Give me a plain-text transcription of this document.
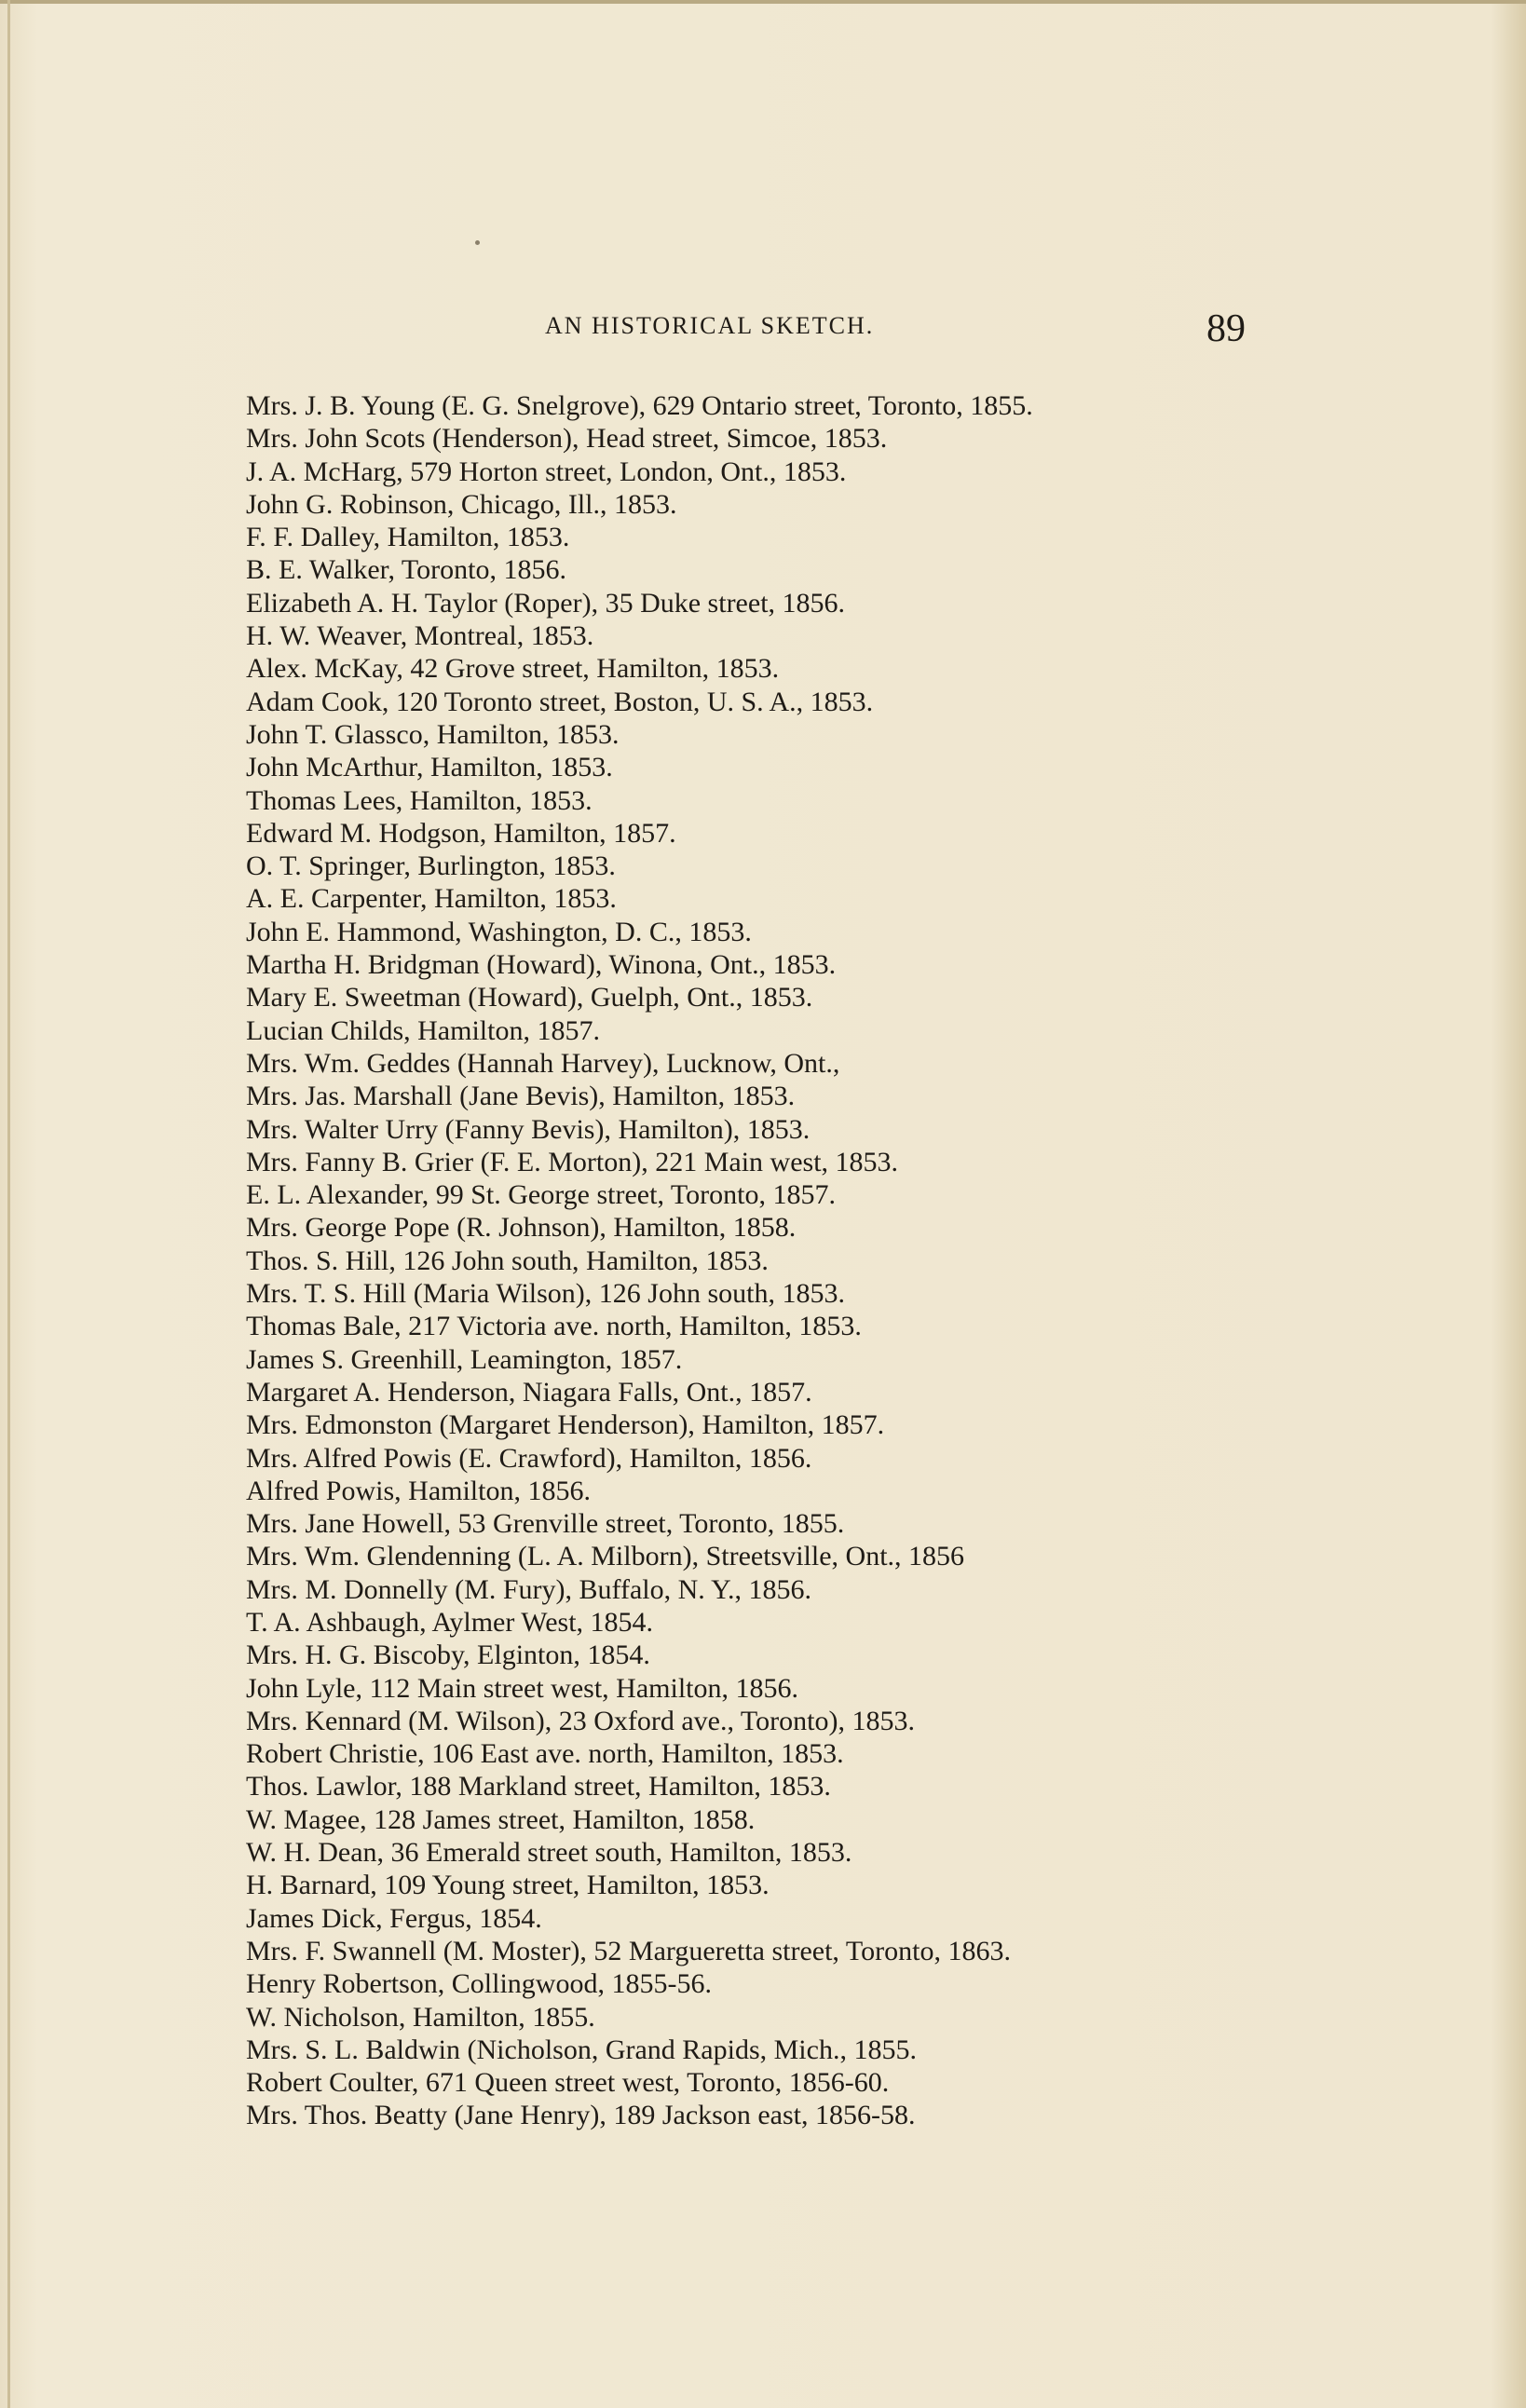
AN HISTORICAL SKETCH.	89
Mrs. J. B. Young (E. G. Snelgrove), 629 Ontario street, Toronto, 1855.
Mrs. John Scots (Henderson), Head street, Simcoe, 1853.
J. A. McHarg, 579 Horton street, London, Ont., 1853.
John G. Robinson, Chicago, Ill., 1853.
F. F. Dalley, Hamilton, 1853.
B. E. Walker, Toronto, 1856.
Elizabeth A. H. Taylor (Roper), 35 Duke street, 1856.
H. W. Weaver, Montreal, 1853.
Alex. McKay, 42 Grove street, Hamilton, 1853.
Adam Cook, 120 Toronto street, Boston, U. S. A., 1853.
John T. Glassco, Hamilton, 1853.
John McArthur, Hamilton, 1853.
Thomas Lees, Hamilton, 1853.
Edward M. Hodgson, Hamilton, 1857.
O. T. Springer, Burlington, 1853.
A. E. Carpenter, Hamilton, 1853.
John E. Hammond, Washington, D. C., 1853.
Martha H. Bridgman (Howard), Winona, Ont., 1853.
Mary E. Sweetman (Howard), Guelph, Ont., 1853.
Lucian Childs, Hamilton, 1857.
Mrs. Wm. Geddes (Hannah Harvey), Lucknow, Ont.,
Mrs. Jas. Marshall (Jane Bevis), Hamilton, 1853.
Mrs. Walter Urry (Fanny Bevis), Hamilton), 1853.
Mrs. Fanny B. Grier (F. E. Morton), 221 Main west, 1853.
E. L. Alexander, 99 St. George street, Toronto, 1857.
Mrs. George Pope (R. Johnson), Hamilton, 1858.
Thos. S. Hill, 126 John south, Hamilton, 1853.
Mrs. T. S. Hill (Maria Wilson), 126 John south, 1853.
Thomas Bale, 217 Victoria ave. north, Hamilton, 1853.
James S. Greenhill, Leamington, 1857.
Margaret A. Henderson, Niagara Falls, Ont., 1857.
Mrs. Edmonston (Margaret Henderson), Hamilton, 1857.
Mrs. Alfred Powis (E. Crawford), Hamilton, 1856.
Alfred Powis, Hamilton, 1856.
Mrs. Jane Howell, 53 Grenville street, Toronto, 1855.
Mrs. Wm. Glendenning (L. A. Milborn), Streetsville, Ont., 1856
Mrs. M. Donnelly (M. Fury), Buffalo, N. Y., 1856.
T. A. Ashbaugh, Aylmer West, 1854.
Mrs. H. G. Biscoby, Elginton, 1854.
John Lyle, 112 Main street west, Hamilton, 1856.
Mrs. Kennard (M. Wilson), 23 Oxford ave., Toronto), 1853.
Robert Christie, 106 East ave. north, Hamilton, 1853.
Thos. Lawlor, 188 Markland street, Hamilton, 1853.
W. Magee, 128 James street, Hamilton, 1858.
W. H. Dean, 36 Emerald street south, Hamilton, 1853.
H. Barnard, 109 Young street, Hamilton, 1853.
James Dick, Fergus, 1854.
Mrs. F. Swannell (M. Moster), 52 Margueretta street, Toronto, 1863.
Henry Robertson, Collingwood, 1855-56.
W. Nicholson, Hamilton, 1855.
Mrs. S. L. Baldwin (Nicholson, Grand Rapids, Mich., 1855.
Robert Coulter, 671 Queen street west, Toronto, 1856-60.
Mrs. Thos. Beatty (Jane Henry), 189 Jackson east, 1856-58.
